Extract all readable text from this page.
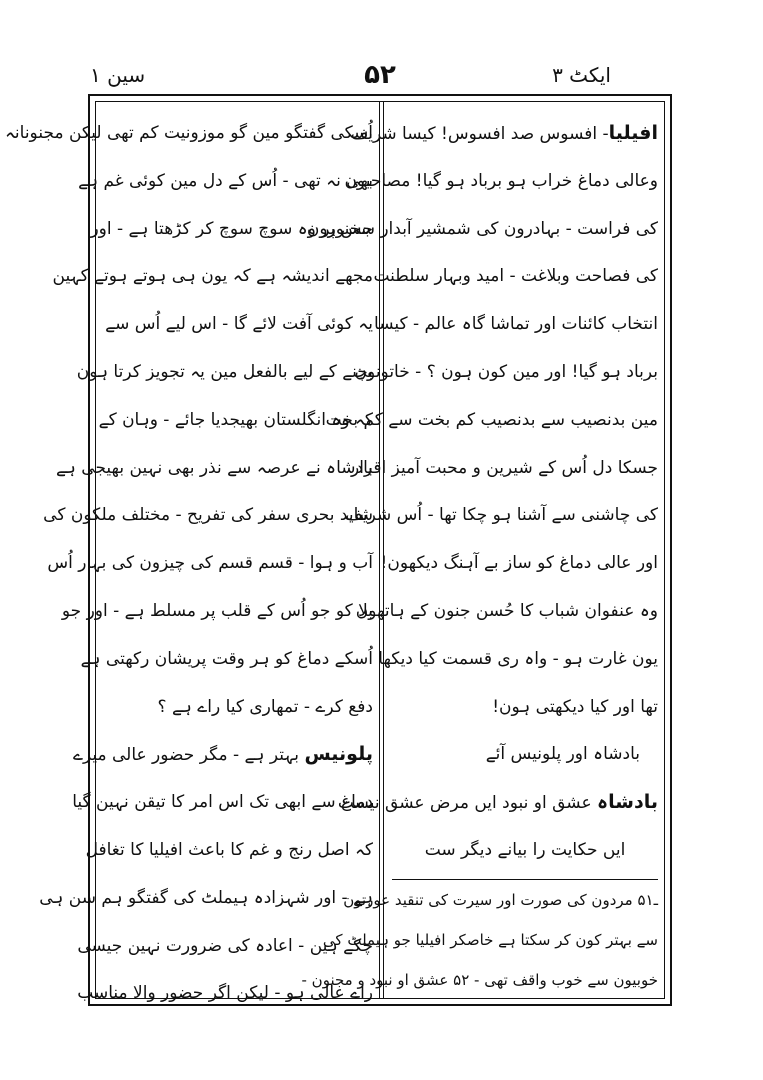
ایکٹ ۳
۵۲
سین ۱
افیلیا- افسوس صد افسوس! کیسا شریف
وعالی دماغ خراب ہو برباد ہو گیا! مصاحبون
کی فراست - بہادرون کی شمشیر آبدار سخنورون
کی فصاحت وبلاغت - امید وبہار سلطنت
انتخاب کائنات اور تماشا گاہ عالم - کیسا
برباد ہو گیا! اور مین کون ہون ؟ - خاتونون
مین بدنصیب سے بدنصیب کم بخت سے کم بخت
جسکا دل اُس کے شیرین و محبت آمیز اقرار
کی چاشنی سے آشنا ہو چکا تھا - اُس شریف
اور عالی دماغ کو ساز بے آہنگ دیکھون!
وہ عنفوان شباب کا حُسن جنون کے ہاتھون
یون غارت ہو - واہ ری قسمت کیا دیکھا
تھا اور کیا دیکھتی ہون!
بادشاہ اور پلونیس آئے
بادشاہ عشق او نبود ایں مرض عشق نیست
ایں حکایت را بیانے دیگر ست
ـ۵۱ مردون کی صورت اور سیرت کی تنقید عورتون
سے بہتر کون کر سکتا ہے خاصکر افیلیا جو ہیملٹ کی
خوبیون سے خوب واقف تھی - ۵۲ عشق او نبود و مجنون -
اُسکی گفتگو مین گو موزونیت کم تھی لیکن مجنونانہ
بھی نہ تھی - اُس کے دل مین کوئی غم ہے
جس پر وہ سوچ سوچ کر کڑھتا ہے - اور
مجھے اندیشہ ہے کہ یون ہی ہوتے ہوتے کہین
یہ کوئی آفت لائے گا - اس لیے اُس سے
بچنے کے لیے بالفعل مین یہ تجویز کرتا ہون
کہ وہ انگلستان بھیجدیا جائے - وہان کے
بادشاہ نے عرصہ سے نذر بھی نہین بھیجی ہے
شاید بحری سفر کی تفریح - مختلف ملکون کی
آب و ہوا - قسم قسم کی چیزون کی بہار اُس
بلا کو جو اُس کے قلب پر مسلط ہے - اور جو
اُسکے دماغ کو ہر وقت پریشان رکھتی ہے
دفع کرے - تمھاری کیا راے ہے ؟
پلونیس بہتر ہے - مگر حضور عالی میرے
دماغ سے ابھی تک اس امر کا تیقن نہین گیا
کہ اصل رنج و غم کا باعث افیلیا کا تغافل
ہے - اور شہزادہ ہیملٹ کی گفتگو ہم سن ہی
چکے ہین - اعادہ کی ضرورت نہین جیسی
راے عالی ہو - لیکن اگر حضور والا مناسب
